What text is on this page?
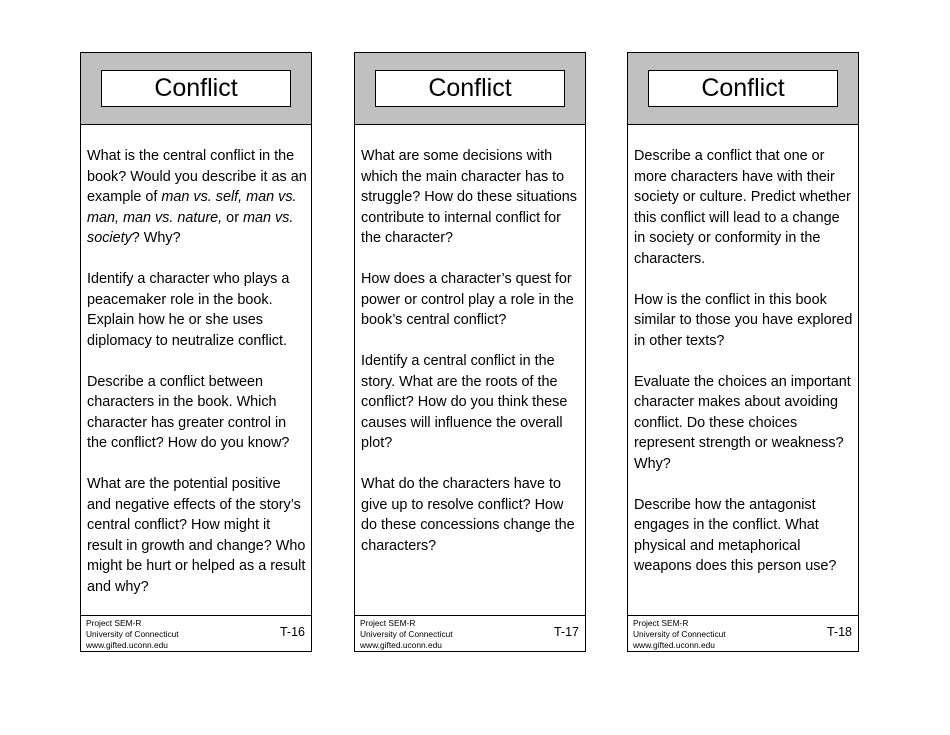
Conflict

What is the central conflict in the book? Would you describe it as an example of man vs. self, man vs. man, man vs. nature, or man vs. society? Why?

Identify a character who plays a peacemaker role in the book. Explain how he or she uses diplomacy to neutralize conflict.

Describe a conflict between characters in the book. Which character has greater control in the conflict? How do you know?

What are the potential positive and negative effects of the story’s central conflict? How might it result in growth and change? Who might be hurt or helped as a result and why?

Project SEM-R
University of Connecticut
www.gifted.uconn.edu
T-16
Conflict

What are some decisions with which the main character has to struggle? How do these situations contribute to internal conflict for the character?

How does a character’s quest for power or control play a role in the book’s central conflict?

Identify a central conflict in the story. What are the roots of the conflict? How do you think these causes will influence the overall plot?

What do the characters have to give up to resolve conflict? How do these concessions change the characters?

Project SEM-R
University of Connecticut
www.gifted.uconn.edu
T-17
Conflict

Describe a conflict that one or more characters have with their society or culture. Predict whether this conflict will lead to a change in society or conformity in the characters.

How is the conflict in this book similar to those you have explored in other texts?

Evaluate the choices an important character makes about avoiding conflict. Do these choices represent strength or weakness? Why?

Describe how the antagonist engages in the conflict. What physical and metaphorical weapons does this person use?

Project SEM-R
University of Connecticut
www.gifted.uconn.edu
T-18
